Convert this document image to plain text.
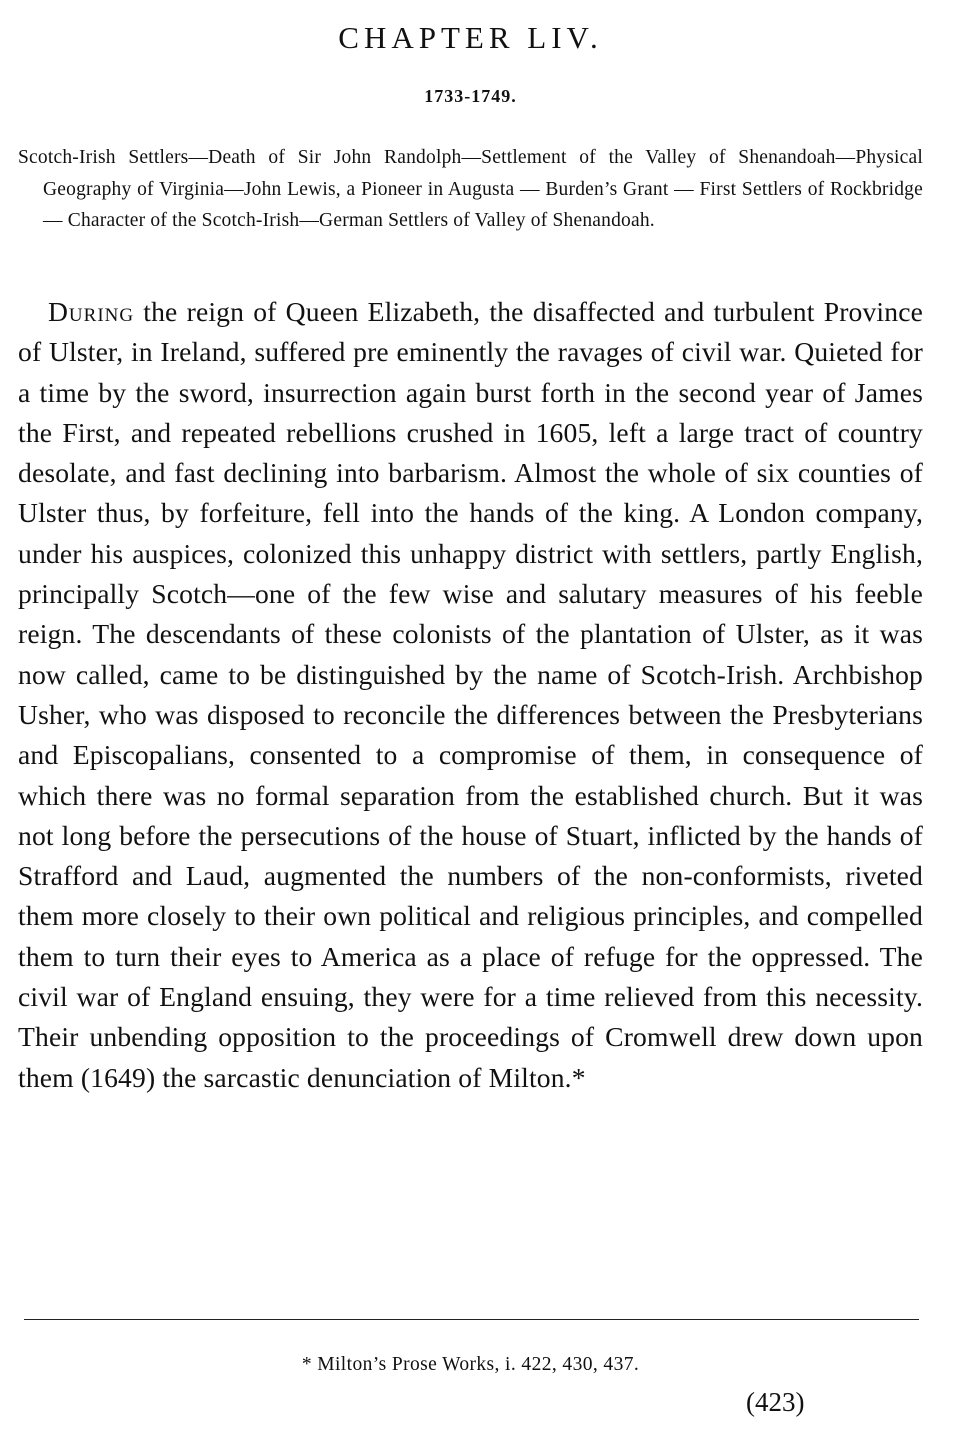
CHAPTER LIV.
1733-1749.
Scotch-Irish Settlers—Death of Sir John Randolph—Settlement of the Valley of Shenandoah—Physical Geography of Virginia—John Lewis, a Pioneer in Augusta — Burden’s Grant — First Settlers of Rockbridge — Character of the Scotch-Irish—German Settlers of Valley of Shenandoah.

During the reign of Queen Elizabeth, the disaffected and turbulent Province of Ulster, in Ireland, suffered pre eminently the ravages of civil war. Quieted for a time by the sword, insurrection again burst forth in the second year of James the First, and repeated rebellions crushed in 1605, left a large tract of country desolate, and fast declining into barbarism. Almost the whole of six counties of Ulster thus, by forfeiture, fell into the hands of the king. A London company, under his auspices, colonized this unhappy district with settlers, partly English, principally Scotch—one of the few wise and salutary measures of his feeble reign. The descendants of these colonists of the plantation of Ulster, as it was now called, came to be distinguished by the name of Scotch-Irish. Archbishop Usher, who was disposed to reconcile the differences between the Presbyterians and Episcopalians, consented to a compromise of them, in consequence of which there was no formal separation from the established church. But it was not long before the persecutions of the house of Stuart, inflicted by the hands of Strafford and Laud, augmented the numbers of the non-conformists, riveted them more closely to their own political and religious principles, and compelled them to turn their eyes to America as a place of refuge for the oppressed. The civil war of England ensuing, they were for a time relieved from this necessity. Their unbending opposition to the proceedings of Cromwell drew down upon them (1649) the sarcastic denunciation of Milton.*

* Milton’s Prose Works, i. 422, 430, 437.
(423)
